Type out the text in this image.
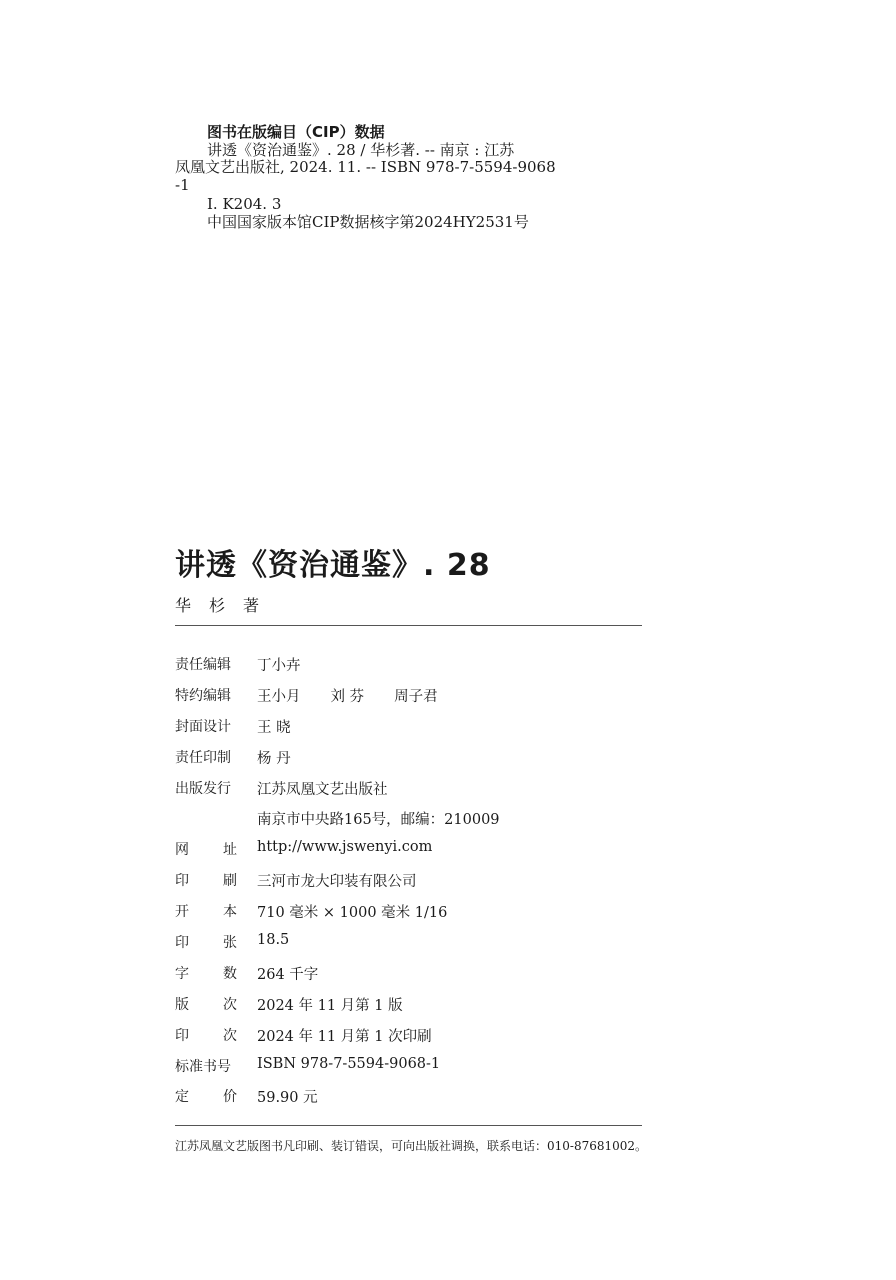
图书在版编目（CIP）数据
讲透《资治通鉴》. 28 / 华杉著. -- 南京 : 江苏
凤凰文艺出版社, 2024. 11. -- ISBN 978-7-5594-9068
-1
Ⅰ. K204. 3
中国国家版本馆CIP数据核字第2024HY2531号
讲透《资治通鉴》. 28
华杉著
责任编辑	丁小卉
特约编辑	王小月 刘 芬 周子君
封面设计	王 晓
责任印制	杨 丹
出版发行	江苏凤凰文艺出版社
南京市中央路165号，邮编：210009
网址 http://www.jswenyi.com
印刷 三河市龙大印装有限公司
开本 710 毫米 × 1000 毫米 1/16
印张 18.5
字数 264 千字
版次 2024 年 11 月第 1 版
印次 2024 年 11 月第 1 次印刷
标准书号	ISBN 978-7-5594-9068-1
定价 59.90 元
江苏凤凰文艺版图书凡印刷、装订错误，可向出版社调换，联系电话：010-87681002。
